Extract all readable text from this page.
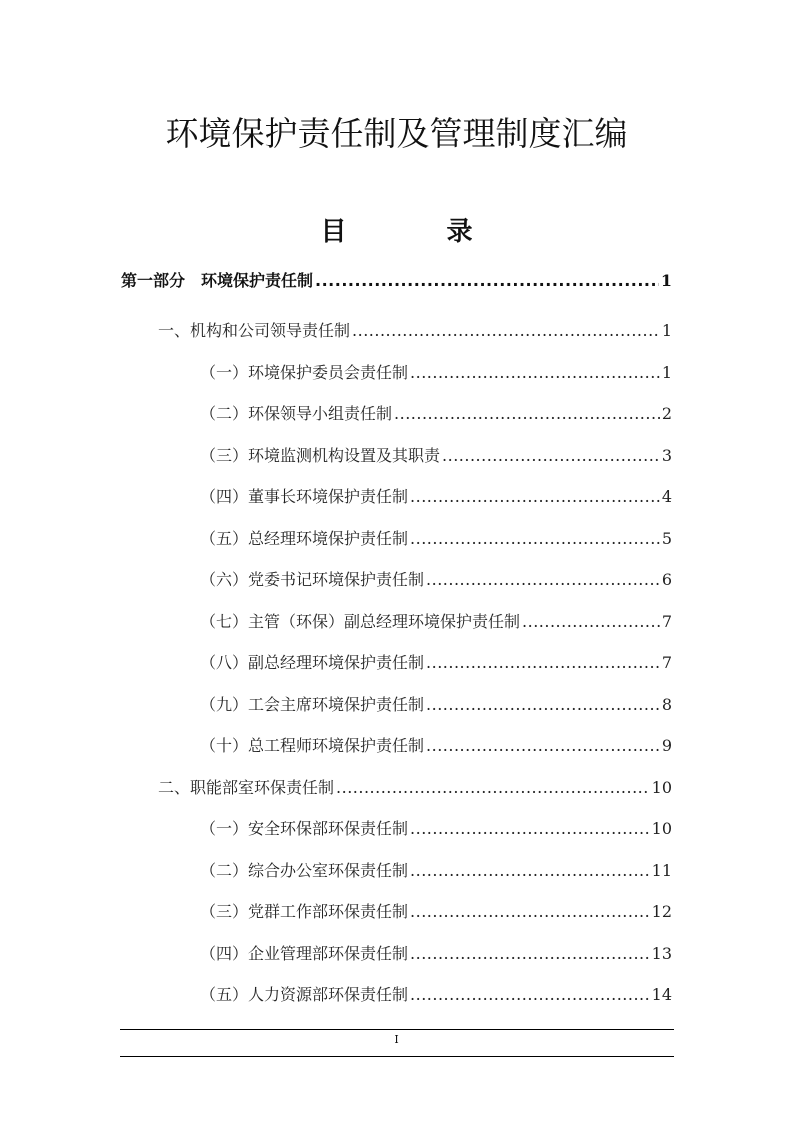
环境保护责任制及管理制度汇编
目	录
第一部分　环境保护责任制 .....	1
一、机构和公司领导责任制 .....	1
（一）环境保护委员会责任制 .....	1
（二）环保领导小组责任制 .....	2
（三）环境监测机构设置及其职责 .....	3
（四）董事长环境保护责任制 .....	4
（五）总经理环境保护责任制 .....	5
（六）党委书记环境保护责任制 .....	6
（七）主管（环保）副总经理环境保护责任制 .....	7
（八）副总经理环境保护责任制 .....	7
（九）工会主席环境保护责任制 .....	8
（十）总工程师环境保护责任制 .....	9
二、职能部室环保责任制 .....	10
（一）安全环保部环保责任制 .....	10
（二）综合办公室环保责任制 .....	11
（三）党群工作部环保责任制 .....	12
（四）企业管理部环保责任制 .....	13
（五）人力资源部环保责任制 .....	14
I
